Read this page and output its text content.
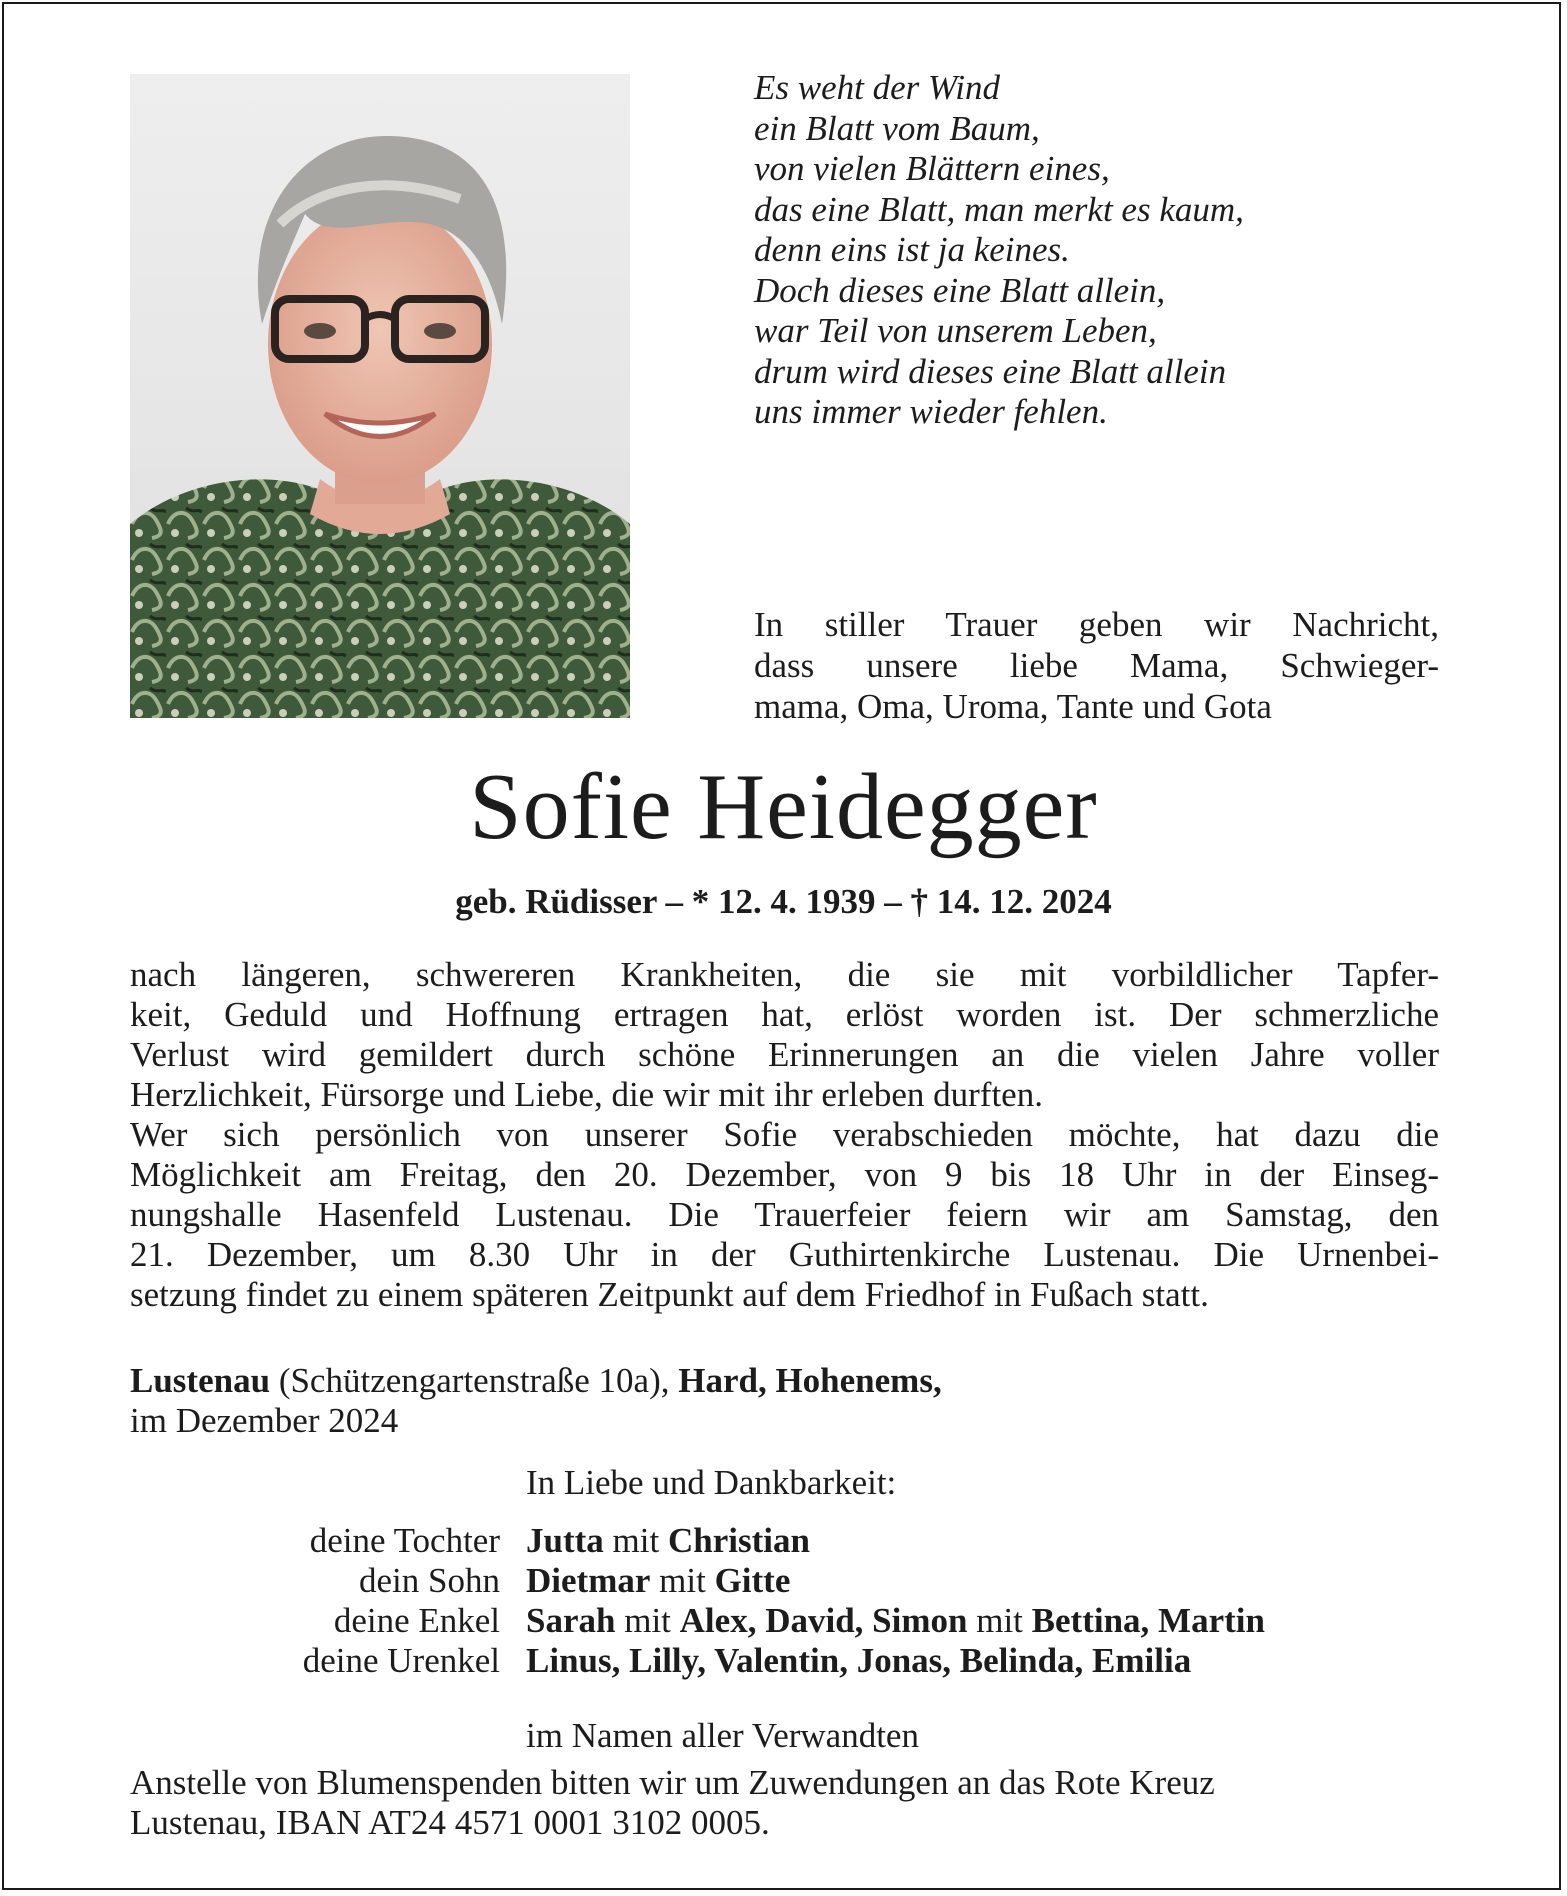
Es weht der Wind
ein Blatt vom Baum,
von vielen Blättern eines,
das eine Blatt, man merkt es kaum,
denn eins ist ja keines.
Doch dieses eine Blatt allein,
war Teil von unserem Leben,
drum wird dieses eine Blatt allein
uns immer wieder fehlen.
In stiller Trauer geben wir Nachricht,
dass unsere liebe Mama, Schwieger-
mama, Oma, Uroma, Tante und Gota
Sofie Heidegger
geb. Rüdisser – * 12. 4. 1939 – † 14. 12. 2024
nach längeren, schwereren Krankheiten, die sie mit vorbildlicher Tapfer-
keit, Geduld und Hoffnung ertragen hat, erlöst worden ist. Der schmerzliche
Verlust wird gemildert durch schöne Erinnerungen an die vielen Jahre voller
Herzlichkeit, Fürsorge und Liebe, die wir mit ihr erleben durften.
Wer sich persönlich von unserer Sofie verabschieden möchte, hat dazu die
Möglichkeit am Freitag, den 20. Dezember, von 9 bis 18 Uhr in der Einseg-
nungshalle Hasenfeld Lustenau. Die Trauerfeier feiern wir am Samstag, den
21. Dezember, um 8.30 Uhr in der Guthirtenkirche Lustenau. Die Urnenbei-
setzung findet zu einem späteren Zeitpunkt auf dem Friedhof in Fußach statt.
Lustenau (Schützengartenstraße 10a), Hard, Hohenems,
im Dezember 2024
In Liebe und Dankbarkeit:
deine Tochter Jutta mit Christian
dein Sohn Dietmar mit Gitte
deine Enkel Sarah mit Alex, David, Simon mit Bettina, Martin
deine Urenkel Linus, Lilly, Valentin, Jonas, Belinda, Emilia
im Namen aller Verwandten
Anstelle von Blumenspenden bitten wir um Zuwendungen an das Rote Kreuz
Lustenau, IBAN AT24 4571 0001 3102 0005.
